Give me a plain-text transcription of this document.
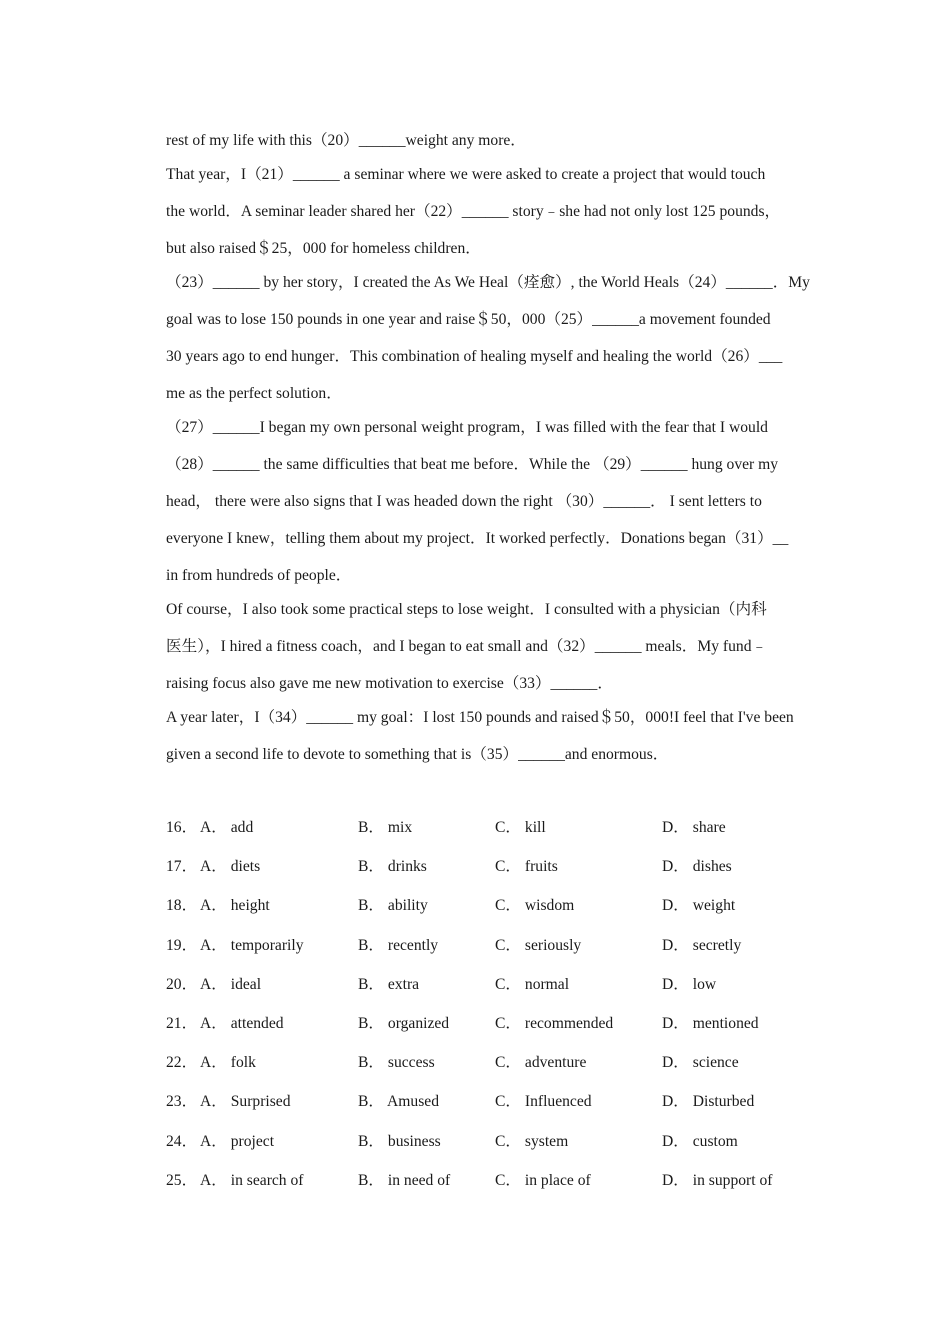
rest of my life with this（20）______weight any more．

That year，I（21）______ a seminar where we were asked to create a project that would touch

the world．A seminar leader shared her（22）______ story﹣she had not only lost 125 pounds，

but also raised＄25，000 for homeless children．

（23）______ by her story，I created the As We Heal（痊愈）, the World Heals（24）______．My

goal was to lose 150 pounds in one year and raise＄50，000（25）______a movement founded

30 years ago to end hunger．This combination of healing myself and healing the world（26）___

me as the perfect solution．

（27）______I began my own personal weight program，I was filled with the fear that I would

（28）______ the same difficulties that beat me before．While the （29）______ hung over my

head， there were also signs that I was headed down the right （30）______． I sent letters to

everyone I knew，telling them about my project．It worked perfectly．Donations began（31）__

in from hundreds of people．

Of course，I also took some practical steps to lose weight．I consulted with a physician（内科

医生），I hired a fitness coach，and I began to eat small and（32）______ meals．My fund﹣

raising focus also gave me new motivation to exercise（33）______．

A year later，I（34）______ my goal：I lost 150 pounds and raised＄50，000!I feel that I've been

given a second life to devote to something that is（35）______and enormous．

16． A． add	B． mix	C． kill	D． share
17． A． diets	B． drinks	C． fruits	D． dishes
18． A． height	B． ability	C． wisdom	D． weight
19． A． temporarily	B． recently	C． seriously	D． secretly
20． A． ideal	B． extra	C． normal	D． low
21． A． attended	B． organized	C． recommended	D． mentioned
22． A． folk	B． success	C． adventure	D． science
23． A． Surprised	B． Amused	C． Influenced	D． Disturbed
24． A． project	B． business	C． system	D． custom
25． A． in search of	B． in need of	C． in place of	D． in support of
